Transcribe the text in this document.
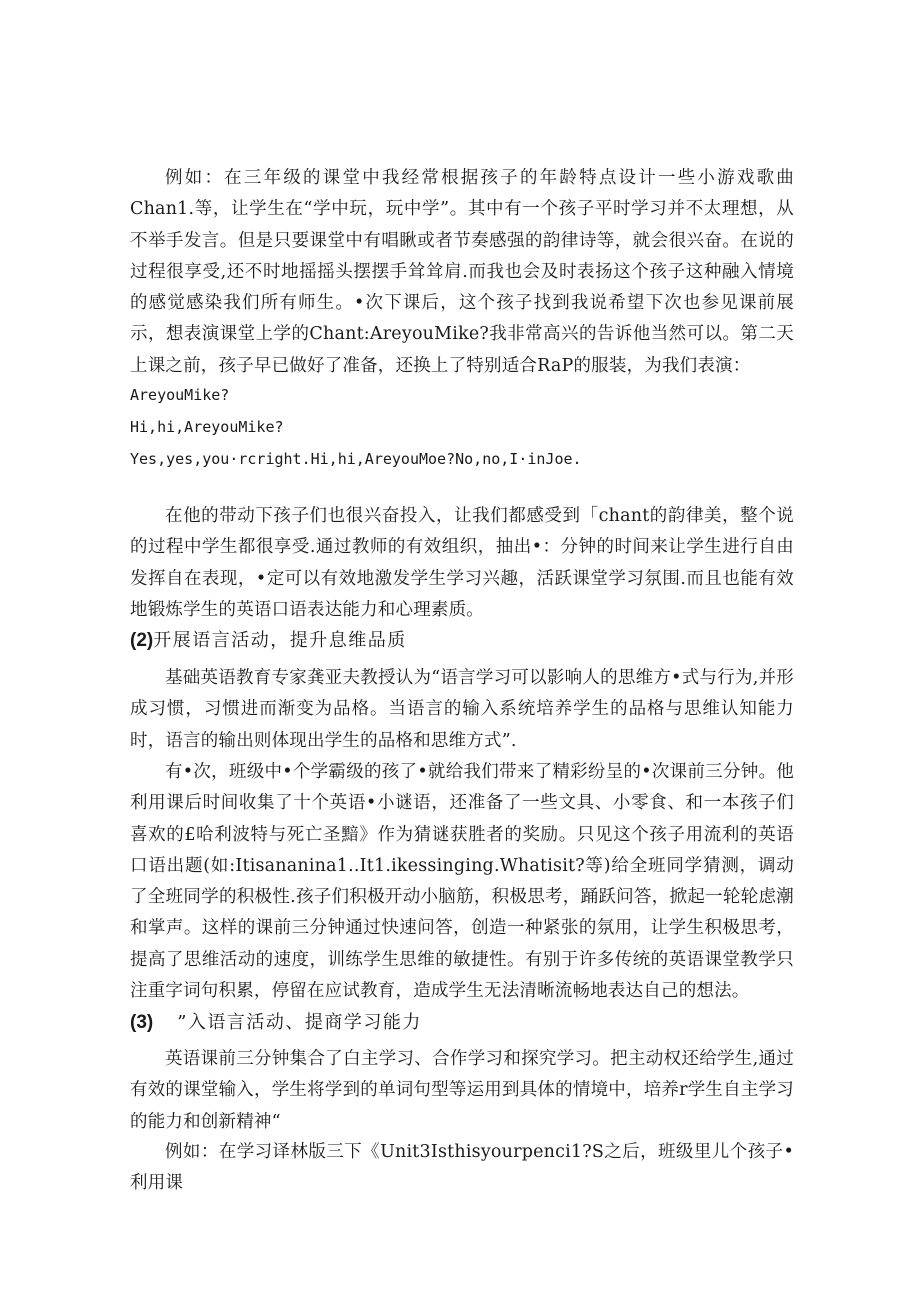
例如：在三年级的课堂中我经常根据孩子的年龄特点设计一些小游戏歌曲Chan1.等，让学生在“学中玩，玩中学”。其中有一个孩子平时学习并不太理想，从不举手发言。但是只要课堂中有唱瞅或者节奏感强的韵律诗等，就会很兴奋。在说的过程很享受,还不时地摇摇头摆摆手耸耸肩.而我也会及时表扬这个孩子这种融入情境的感觉感染我们所有师生。•次下课后，这个孩子找到我说希望下次也参见课前展示，想表演课堂上学的Chant:AreyouMike?我非常高兴的告诉他当然可以。第二天上课之前，孩子早已做好了准备，还换上了特别适合RaP的服装，为我们表演：

AreyouMike?

Hi,hi,AreyouMike?

Yes,yes,you·rcright.Hi,hi,AreyouMoe?No,no,I·inJoe.

在他的带动下孩子们也很兴奋投入，让我们都感受到「chant的韵律美，整个说的过程中学生都很享受.通过教师的有效组织，抽出•：分钟的时间来让学生进行自由发挥自在表现，•定可以有效地激发学生学习兴趣，活跃课堂学习氛围.而且也能有效地锻炼学生的英语口语表达能力和心理素质。

(2)开展语言活动，提升息维品质

基础英语教育专家龚亚夫教授认为“语言学习可以影响人的思维方•式与行为,并形成习惯，习惯进而渐变为品格。当语言的输入系统培养学生的品格与思维认知能力时，语言的输出则体现出学生的品格和思维方式”.

有•次，班级中•个学霸级的孩了•就给我们带来了精彩纷呈的•次课前三分钟。他利用课后时间收集了十个英语•小谜语，还准备了一些文具、小零食、和一本孩子们喜欢的£哈利波特与死亡圣黯》作为猜谜获胜者的奖励。只见这个孩子用流利的英语口语出题(如:Itisananina1..It1.ikessinging.Whatisit?等)给全班同学猜测，调动了全班同学的积极性.孩子们积极开动小脑筋，积极思考，踊跃问答，掀起一轮轮虑潮和掌声。这样的课前三分钟通过快速问答，创造一种紧张的氛用，让学生积极思考，提高了思维活动的速度，训练学生思维的敏捷性。有别于许多传统的英语课堂教学只注重字词句积累，停留在应试教育，造成学生无法清晰流畅地表达自己的想法。

(3) ”入语言活动、提商学习能力

英语课前三分钟集合了白主学习、合作学习和探究学习。把主动权还给学生,通过有效的课堂输入，学生将学到的单词句型等运用到具体的情境中，培养r学生自主学习的能力和创新精神“

例如：在学习译林版三下《Unit3Isthisyourpenci1?S之后，班级里儿个孩子•利用课
